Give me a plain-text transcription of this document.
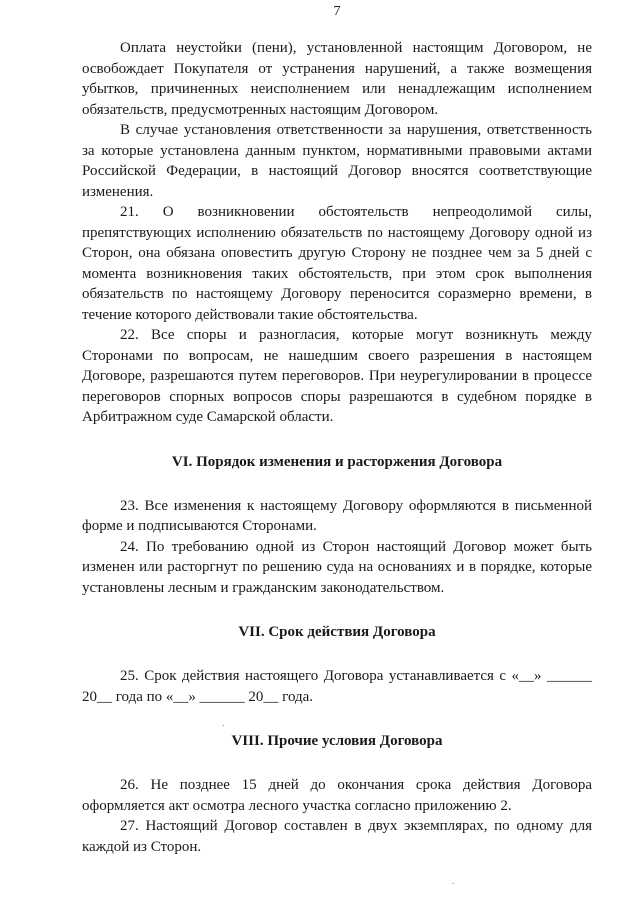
7

Оплата неустойки (пени), установленной настоящим Договором, не освобождает Покупателя от устранения нарушений, а также возмещения убытков, причиненных неисполнением или ненадлежащим исполнением обязательств, предусмотренных настоящим Договором.

В случае установления ответственности за нарушения, ответственность за которые установлена данным пунктом, нормативными правовыми актами Российской Федерации, в настоящий Договор вносятся соответствующие изменения.

21. О возникновении обстоятельств непреодолимой силы, препятствующих исполнению обязательств по настоящему Договору одной из Сторон, она обязана оповестить другую Сторону не позднее чем за 5 дней с момента возникновения таких обстоятельств, при этом срок выполнения обязательств по настоящему Договору переносится соразмерно времени, в течение которого действовали такие обстоятельства.

22. Все споры и разногласия, которые могут возникнуть между Сторонами по вопросам, не нашедшим своего разрешения в настоящем Договоре, разрешаются путем переговоров. При неурегулировании в процессе переговоров спорных вопросов споры разрешаются в судебном порядке в Арбитражном суде Самарской области.

VI. Порядок изменения и расторжения Договора

23. Все изменения к настоящему Договору оформляются в письменной форме и подписываются Сторонами.

24. По требованию одной из Сторон настоящий Договор может быть изменен или расторгнут по решению суда на основаниях и в порядке, которые установлены лесным и гражданским законодательством.

VII. Срок действия Договора

25. Срок действия настоящего Договора устанавливается с «__» ______ 20__ года по «__» ______ 20__ года.

VIII. Прочие условия Договора

26. Не позднее 15 дней до окончания срока действия Договора оформляется акт осмотра лесного участка согласно приложению 2.

27. Настоящий Договор составлен в двух экземплярах, по одному для каждой из Сторон.

.
.
